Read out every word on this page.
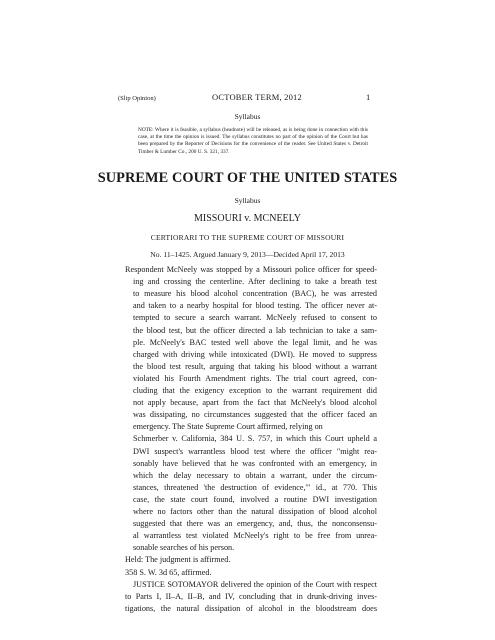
(Slip Opinion)	OCTOBER TERM, 2012	1
Syllabus

NOTE: Where it is feasible, a syllabus (headnote) will be released, as is being done in connection with this case, at the time the opinion is issued. The syllabus constitutes no part of the opinion of the Court but has been prepared by the Reporter of Decisions for the convenience of the reader. See United States v. Detroit Timber & Lumber Co., 200 U. S. 321, 337.

SUPREME COURT OF THE UNITED STATES
Syllabus
MISSOURI v. MCNEELY
CERTIORARI TO THE SUPREME COURT OF MISSOURI
No. 11–1425. Argued January 9, 2013—Decided April 17, 2013
Respondent McNeely was stopped by a Missouri police officer for speed-
ing and crossing the centerline. After declining to take a breath test
to measure his blood alcohol concentration (BAC), he was arrested
and taken to a nearby hospital for blood testing. The officer never at-
tempted to secure a search warrant. McNeely refused to consent to
the blood test, but the officer directed a lab technician to take a sam-
ple. McNeely's BAC tested well above the legal limit, and he was
charged with driving while intoxicated (DWI). He moved to suppress
the blood test result, arguing that taking his blood without a warrant
violated his Fourth Amendment rights. The trial court agreed, con-
cluding that the exigency exception to the warrant requirement did
not apply because, apart from the fact that McNeely's blood alcohol
was dissipating, no circumstances suggested that the officer faced an
emergency. The State Supreme Court affirmed, relying on
Schmerber v. California, 384 U. S. 757, in which this Court upheld a
DWI suspect's warrantless blood test where the officer "might rea-
sonably have believed that he was confronted with an emergency, in
which the delay necessary to obtain a warrant, under the circum-
stances, threatened 'the destruction of evidence,'" id., at 770. This
case, the state court found, involved a routine DWI investigation
where no factors other than the natural dissipation of blood alcohol
suggested that there was an emergency, and, thus, the nonconsensu-
al warrantless test violated McNeely's right to be free from unrea-
sonable searches of his person.
Held: The judgment is affirmed.
358 S. W. 3d 65, affirmed.
JUSTICE SOTOMAYOR delivered the opinion of the Court with respect
to Parts I, II–A, II–B, and IV, concluding that in drunk-driving inves-
tigations, the natural dissipation of alcohol in the bloodstream does
